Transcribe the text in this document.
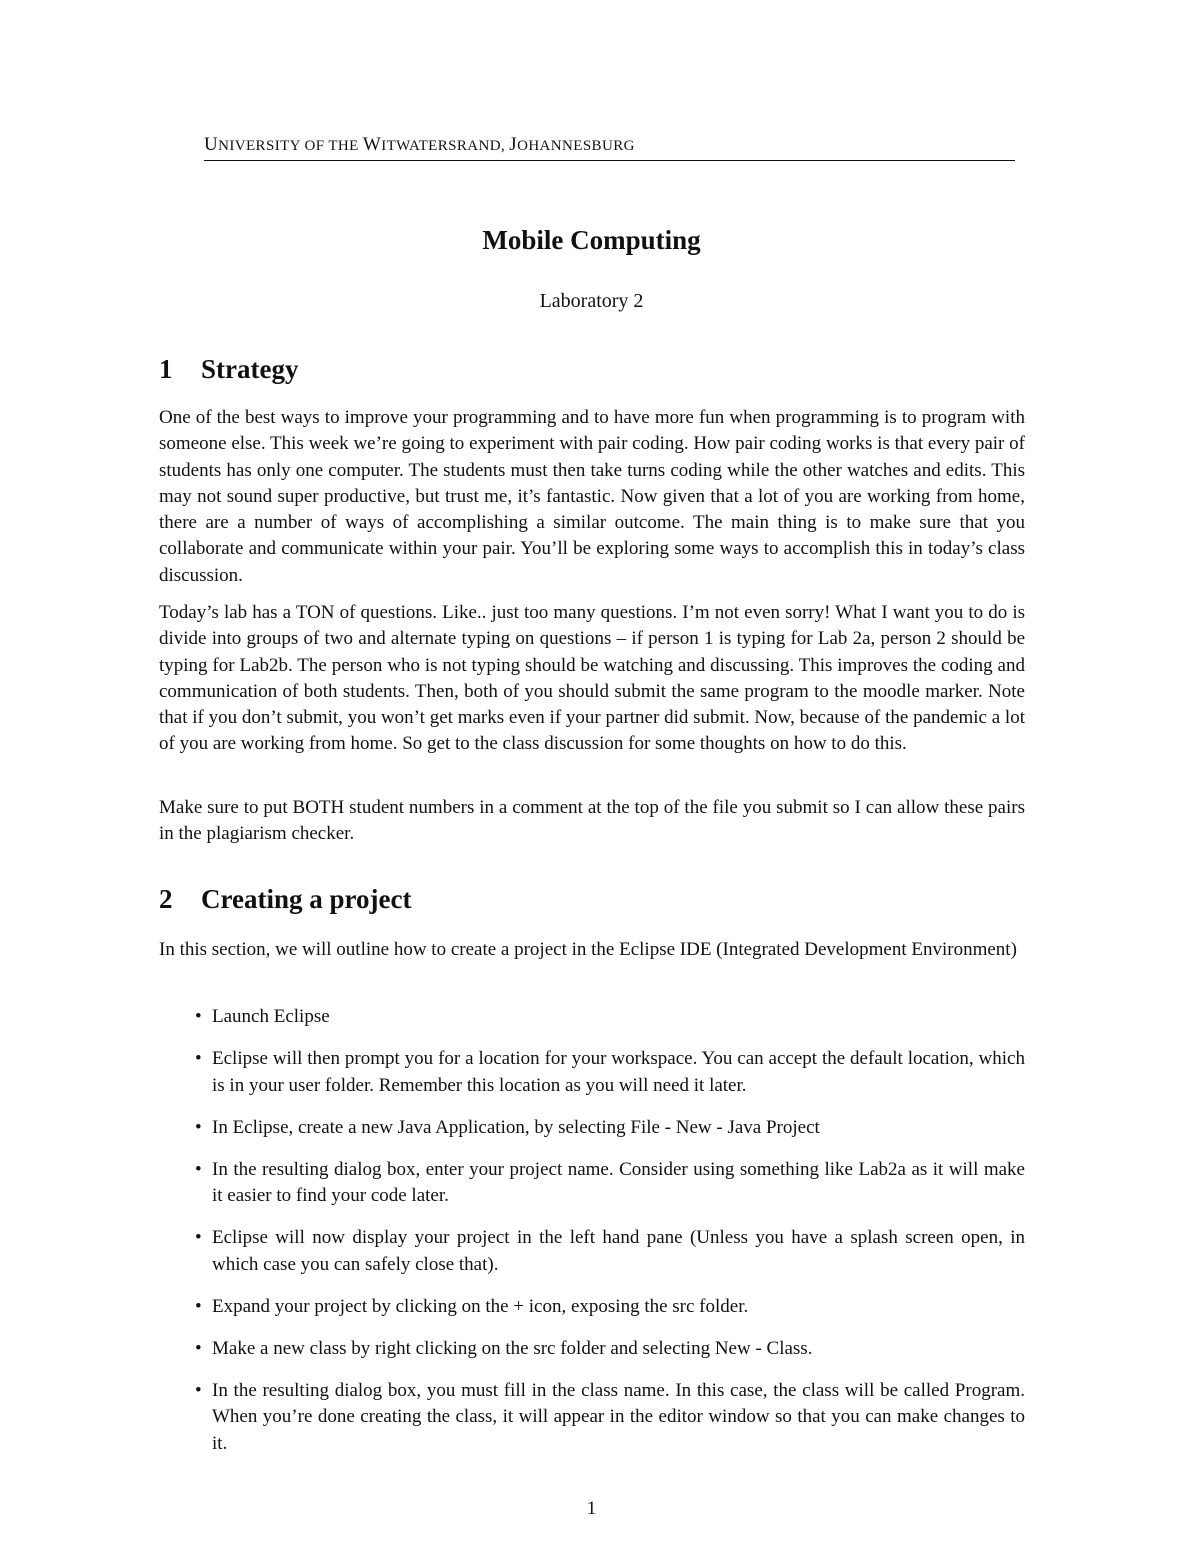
UNIVERSITY OF THE WITWATERSRAND, JOHANNESBURG
Mobile Computing
Laboratory 2
1 Strategy

One of the best ways to improve your programming and to have more fun when programming is to program with someone else. This week we’re going to experiment with pair coding. How pair coding works is that every pair of students has only one computer. The students must then take turns coding while the other watches and edits. This may not sound super productive, but trust me, it’s fantastic. Now given that a lot of you are working from home, there are a number of ways of accomplishing a similar outcome. The main thing is to make sure that you collaborate and communicate within your pair. You’ll be exploring some ways to accomplish this in today’s class discussion.

Today’s lab has a TON of questions. Like.. just too many questions. I’m not even sorry! What I want you to do is divide into groups of two and alternate typing on questions – if person 1 is typing for Lab 2a, person 2 should be typing for Lab2b. The person who is not typing should be watching and discussing. This improves the coding and communication of both students. Then, both of you should submit the same program to the moodle marker. Note that if you don’t submit, you won’t get marks even if your partner did submit. Now, because of the pandemic a lot of you are working from home. So get to the class discussion for some thoughts on how to do this.

Make sure to put BOTH student numbers in a comment at the top of the file you submit so I can allow these pairs in the plagiarism checker.

2 Creating a project

In this section, we will outline how to create a project in the Eclipse IDE (Integrated Development Environment)

• Launch Eclipse
• Eclipse will then prompt you for a location for your workspace. You can accept the default location, which is in your user folder. Remember this location as you will need it later.
• In Eclipse, create a new Java Application, by selecting File - New - Java Project
• In the resulting dialog box, enter your project name. Consider using something like Lab2a as it will make it easier to find your code later.
• Eclipse will now display your project in the left hand pane (Unless you have a splash screen open, in which case you can safely close that).
• Expand your project by clicking on the + icon, exposing the src folder.
• Make a new class by right clicking on the src folder and selecting New - Class.
• In the resulting dialog box, you must fill in the class name. In this case, the class will be called Program. When you’re done creating the class, it will appear in the editor window so that you can make changes to it.
1
